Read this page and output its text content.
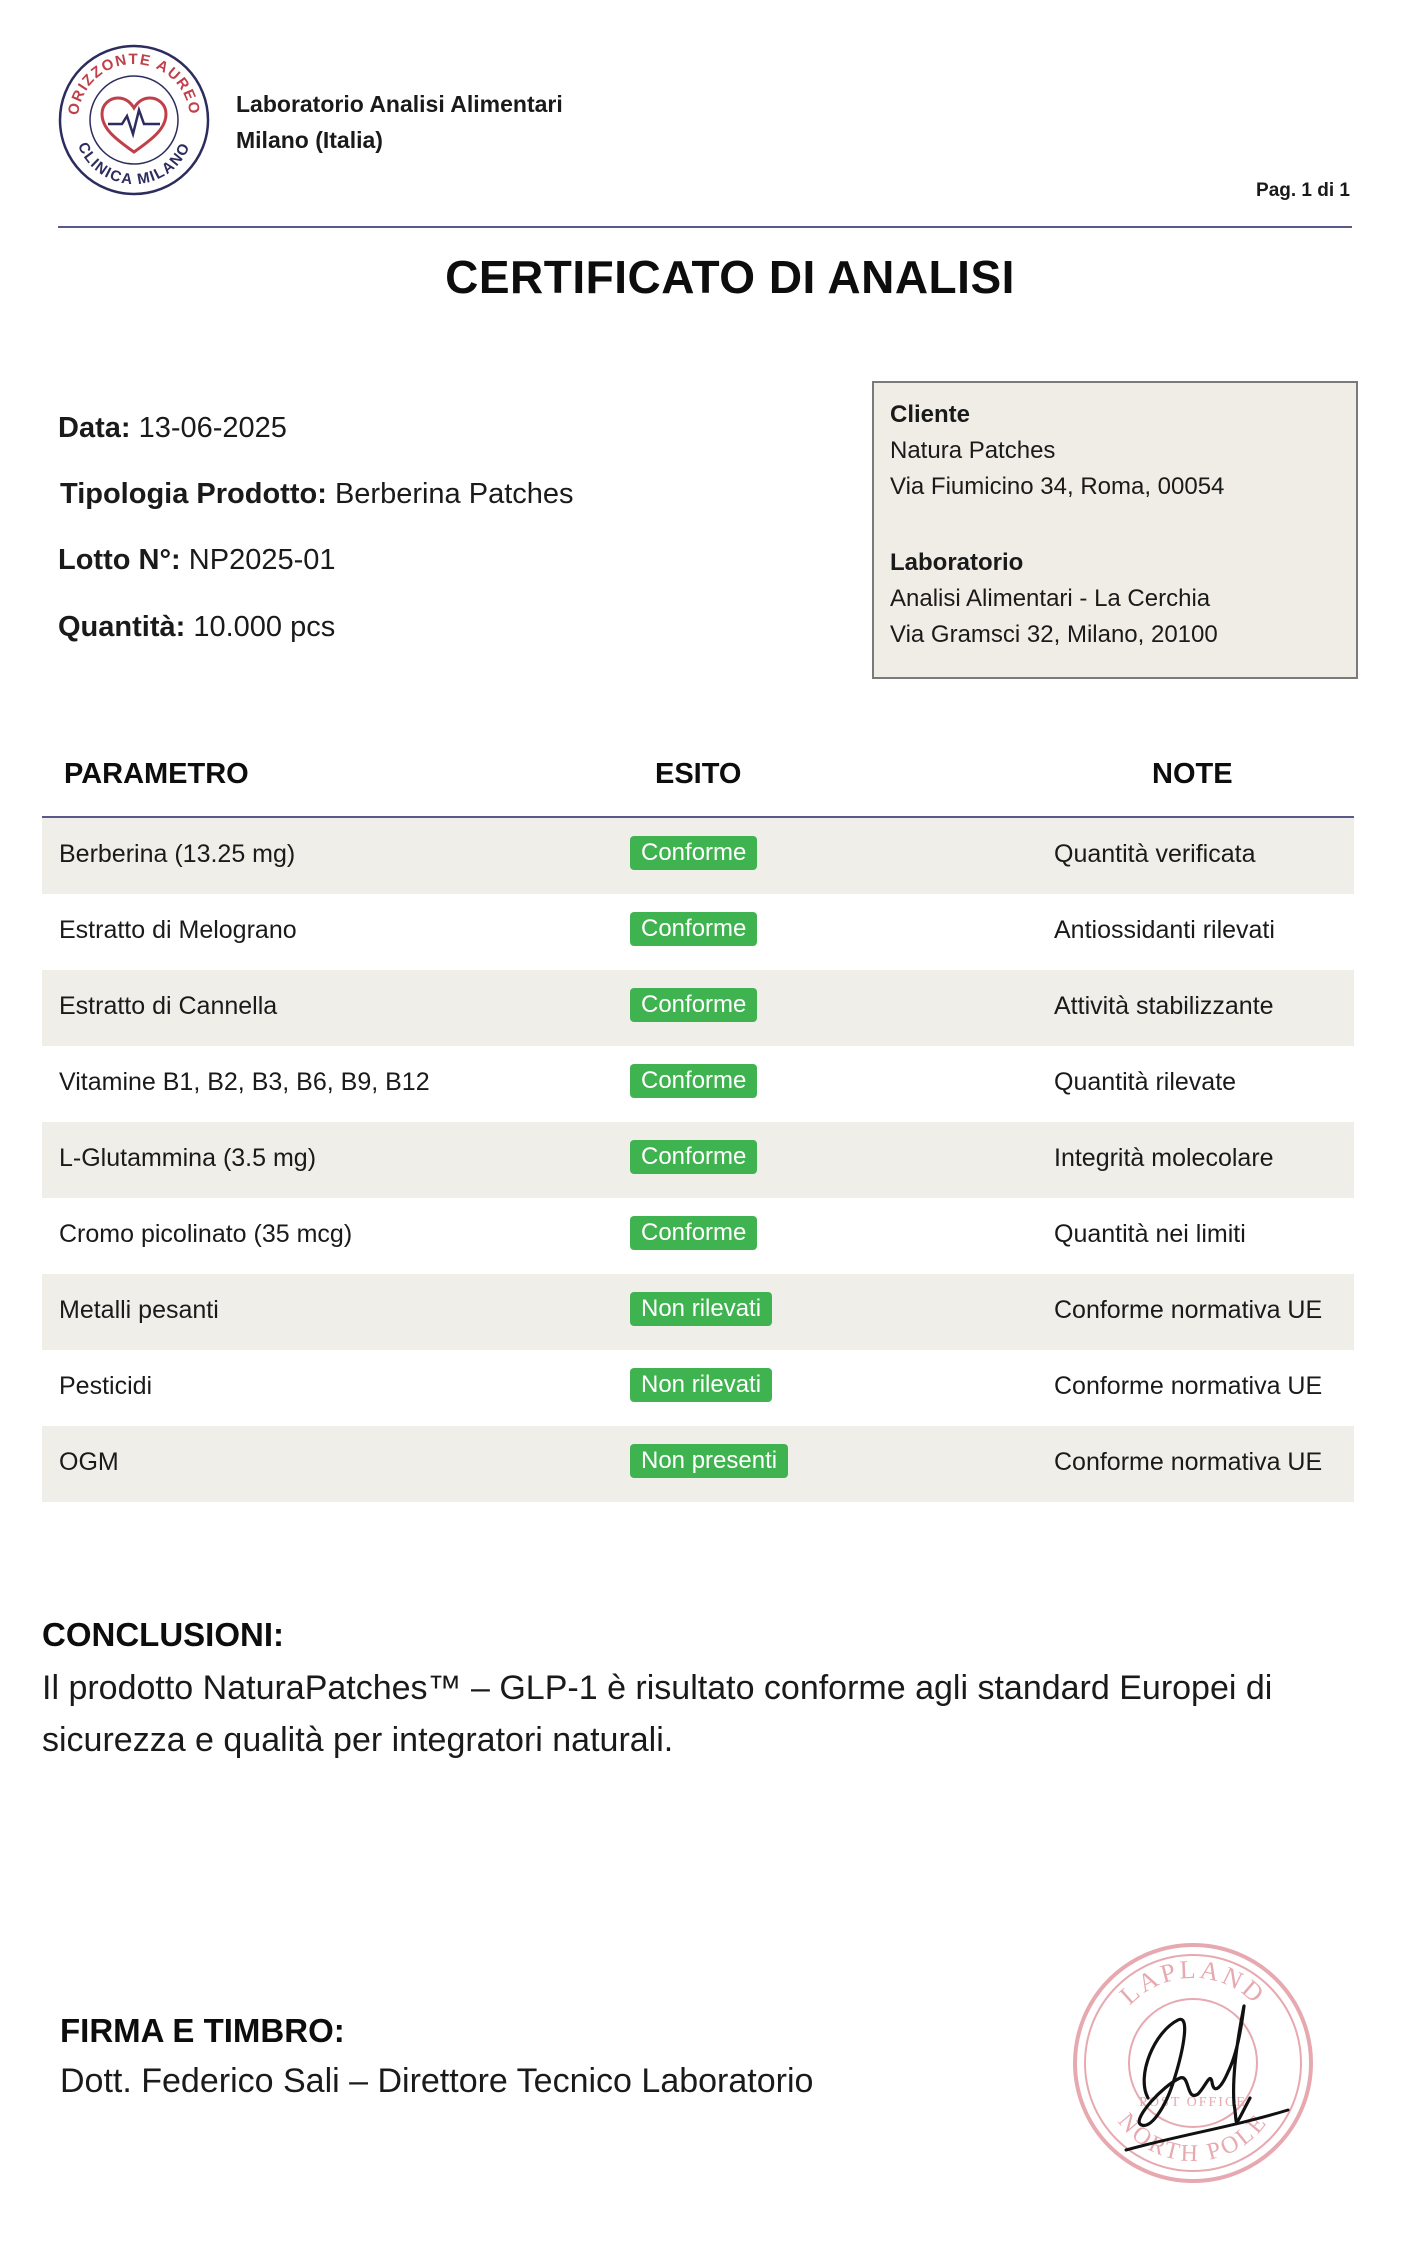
ORIZZONTE AUREO
CLINICA MILANO
Laboratorio Analisi Alimentari
Milano (Italia)
Pag. 1 di 1
CERTIFICATO DI ANALISI
Data: 13-06-2025
Tipologia Prodotto: Berberina Patches
Lotto N°: NP2025-01
Quantità: 10.000 pcs
Cliente
Natura Patches
Via Fiumicino 34, Roma, 00054
Laboratorio
Analisi Alimentari - La Cerchia
Via Gramsci 32, Milano, 20100
PARAMETRO	ESITO	NOTE
Berberina (13.25 mg)	Conforme	Quantità verificata
Estratto di Melograno	Conforme	Antiossidanti rilevati
Estratto di Cannella	Conforme	Attività stabilizzante
Vitamine B1, B2, B3, B6, B9, B12	Conforme	Quantità rilevate
L-Glutammina (3.5 mg)	Conforme	Integrità molecolare
Cromo picolinato (35 mcg)	Conforme	Quantità nei limiti
Metalli pesanti	Non rilevati	Conforme normativa UE
Pesticidi	Non rilevati	Conforme normativa UE
OGM	Non presenti	Conforme normativa UE
CONCLUSIONI:
Il prodotto NaturaPatches™ – GLP-1 è risultato conforme agli standard Europei di sicurezza e qualità per integratori naturali.
FIRMA E TIMBRO:
Dott. Federico Sali – Direttore Tecnico Laboratorio
LAPLAND
NORTH POLE
POST OFFICE
